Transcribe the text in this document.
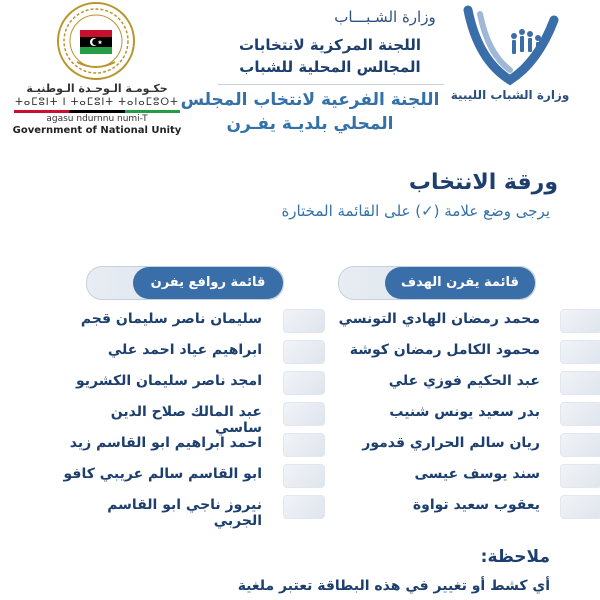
وزارة الشـبـــاب
اللجنة المركزية لانتخابات
المجالس المحلية للشباب
اللجنة الفرعية لانتخاب المجلس
المحلي بلديـة يفـرن
حكـومـة الـوحـدة الـوطنيـة
ⵜⴰⵎⵓⵏⵜ ⵏ ⵜⴰⵎⵓⵏⵜ ⵜⴰⵏⴰⵎⵓⵔⵜ
agasu ndurnnu numi-T
Government of National Unity
وزارة الشباب الليبية
ورقة الانتخاب
يرجى وضع علامة (✓) على القائمة المختارة
قائمة يفرن الهدف
محمد رمضان الهادي التونسي
محمود الكامل رمضان كوشة
عبد الحكيم فوزي علي
بدر سعيد يونس شنيب
ريان سالم الحراري قدمور
سند يوسف عيسى
يعقوب سعيد تواوة
قائمة روافع يفرن
سليمان ناصر سليمان قجم
ابراهيم عياد احمد علي
امجد ناصر سليمان الكشريو
عبد المالك صلاح الدين ساسي
احمد ابراهيم ابو القاسم زيد
ابو القاسم سالم عريبي كافو
نيروز ناجي ابو القاسم الجربي
ملاحظة:
أي كشط أو تغيير في هذه البطاقة تعتبر ملغية
